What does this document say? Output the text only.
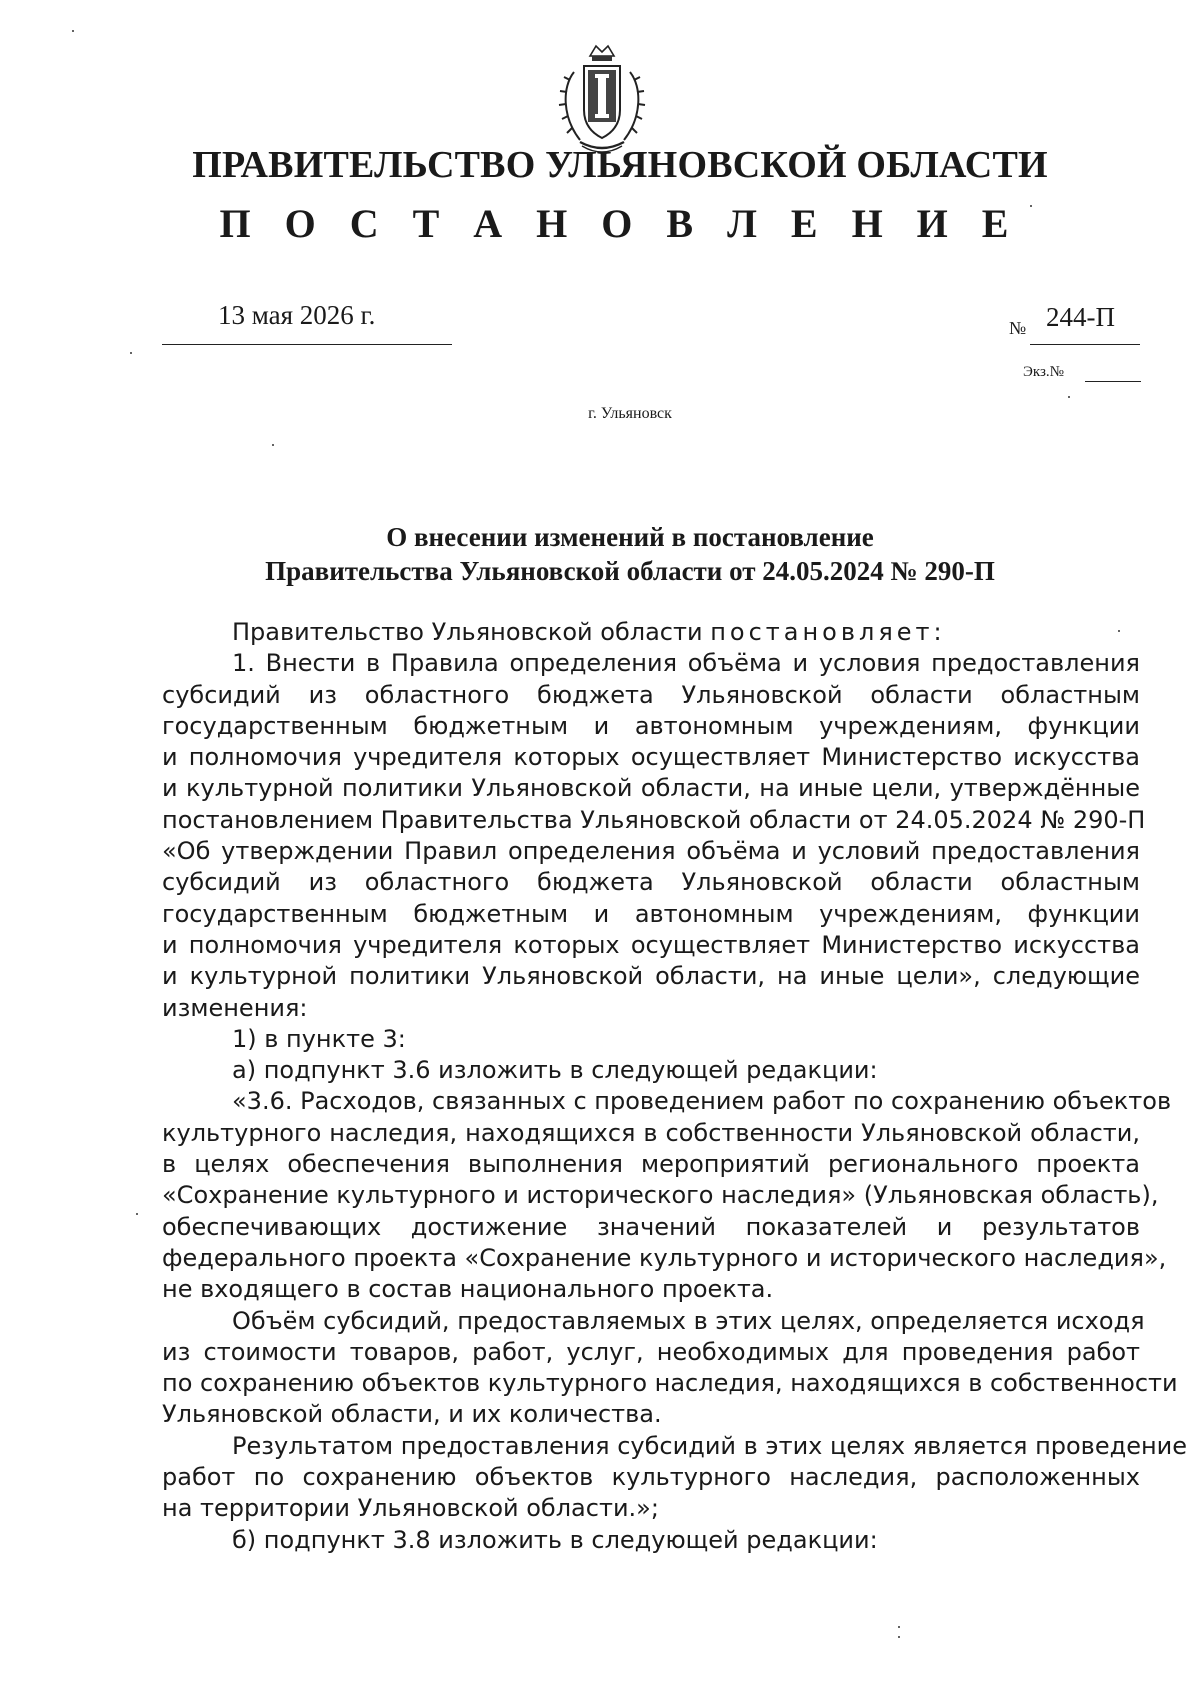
ПРАВИТЕЛЬСТВО УЛЬЯНОВСКОЙ ОБЛАСТИ
П О С Т А Н О В Л Е Н И Е
13 мая 2026 г.	№ 244-П
Экз.№
г. Ульяновск
О внесении изменений в постановление
Правительства Ульяновской области от 24.05.2024 № 290-П
Правительство Ульяновской области постановляет:
1. Внести в Правила определения объёма и условия предоставления
субсидий из областного бюджета Ульяновской области областным
государственным бюджетным и автономным учреждениям, функции
и полномочия учредителя которых осуществляет Министерство искусства
и культурной политики Ульяновской области, на иные цели, утверждённые
постановлением Правительства Ульяновской области от 24.05.2024 № 290-П
«Об утверждении Правил определения объёма и условий предоставления
субсидий из областного бюджета Ульяновской области областным
государственным бюджетным и автономным учреждениям, функции
и полномочия учредителя которых осуществляет Министерство искусства
и культурной политики Ульяновской области, на иные цели», следующие
изменения:
1) в пункте 3:
а) подпункт 3.6 изложить в следующей редакции:
«3.6. Расходов, связанных с проведением работ по сохранению объектов
культурного наследия, находящихся в собственности Ульяновской области,
в целях обеспечения выполнения мероприятий регионального проекта
«Сохранение культурного и исторического наследия» (Ульяновская область),
обеспечивающих достижение значений показателей и результатов
федерального проекта «Сохранение культурного и исторического наследия»,
не входящего в состав национального проекта.
Объём субсидий, предоставляемых в этих целях, определяется исходя
из стоимости товаров, работ, услуг, необходимых для проведения работ
по сохранению объектов культурного наследия, находящихся в собственности
Ульяновской области, и их количества.
Результатом предоставления субсидий в этих целях является проведение
работ по сохранению объектов культурного наследия, расположенных
на территории Ульяновской области.»;
б) подпункт 3.8 изложить в следующей редакции:
